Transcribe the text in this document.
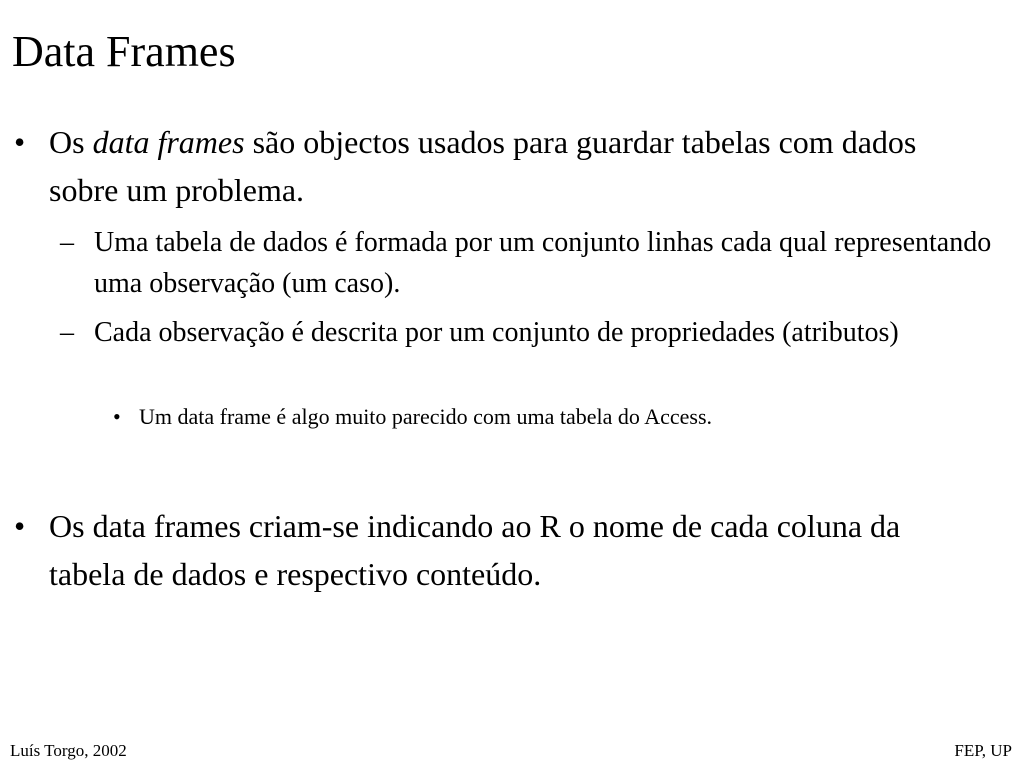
Data Frames
• Os data frames são objectos usados para guardar tabelas com dados sobre um problema.
– Uma tabela de dados é formada por um conjunto linhas cada qual representando uma observação (um caso).
– Cada observação é descrita por um conjunto de propriedades (atributos)
• Um data frame é algo muito parecido com uma tabela do Access.
• Os data frames criam-se indicando ao R o nome de cada coluna da tabela de dados e respectivo conteúdo.
Luís Torgo, 2002	FEP, UP
